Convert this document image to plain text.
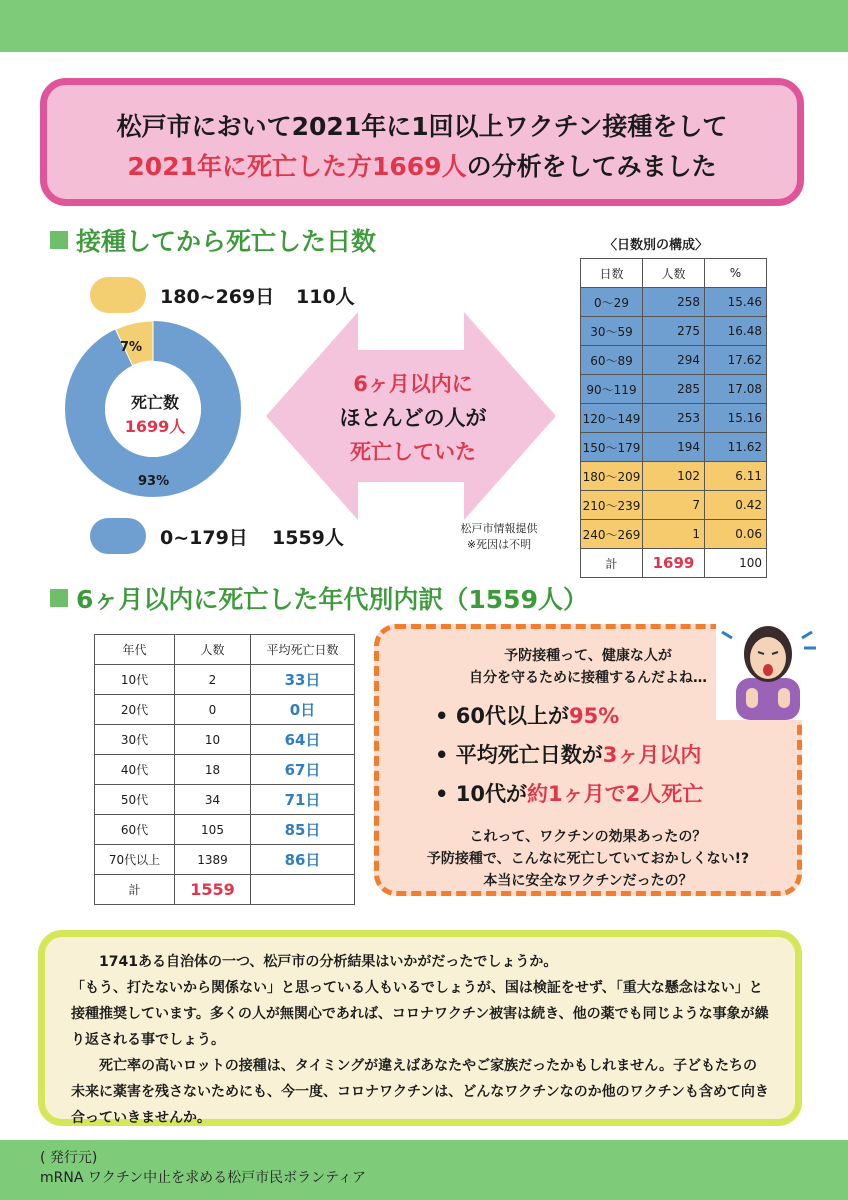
松戸市において2021年に1回以上ワクチン接種をして
2021年に死亡した方1669人の分析をしてみました
接種してから死亡した日数
180~269日	110人
7%
死亡数
1699人
93%
0~179日	1559人
6ヶ月以内に
ほとんどの人が
死亡していた
〈日数別の構成〉
日数	人数	%
0～29	258	15.46
30～59	275	16.48
60～89	294	17.62
90～119	285	17.08
120～149	253	15.16
150～179	194	11.62
180～209	102	6.11
210～239	7	0.42
240～269	1	0.06
計	1699	100
松戸市情報提供
※死因は不明
6ヶ月以内に死亡した年代別内訳（1559人）
年代	人数	平均死亡日数
10代	2	33日
20代	0	0日
30代	10	64日
40代	18	67日
50代	34	71日
60代	105	85日
70代以上	1389	86日
計	1559	
予防接種って、健康な人が
自分を守るために接種するんだよね…
• 60代以上が95%
• 平均死亡日数が3ヶ月以内
• 10代が約1ヶ月で2人死亡
これって、ワクチンの効果あったの？
予防接種で、こんなに死亡していておかしくない!?
本当に安全なワクチンだったの？

1741ある自治体の一つ、松戸市の分析結果はいかがだったでしょうか。

「もう、打たないから関係ない」と思っている人もいるでしょうが、国は検証をせず、「重大な懸念はない」と接種推奨しています。多くの人が無関心であれば、コロナワクチン被害は続き、他の薬でも同じような事象が繰り返される事でしょう。

死亡率の高いロットの接種は、タイミングが違えばあなたやご家族だったかもしれません。子どもたちの未来に薬害を残さないためにも、今一度、コロナワクチンは、どんなワクチンなのか他のワクチンも含めて向き合っていきませんか。

( 発行元)
mRNA ワクチン中止を求める松戸市民ボランティア
